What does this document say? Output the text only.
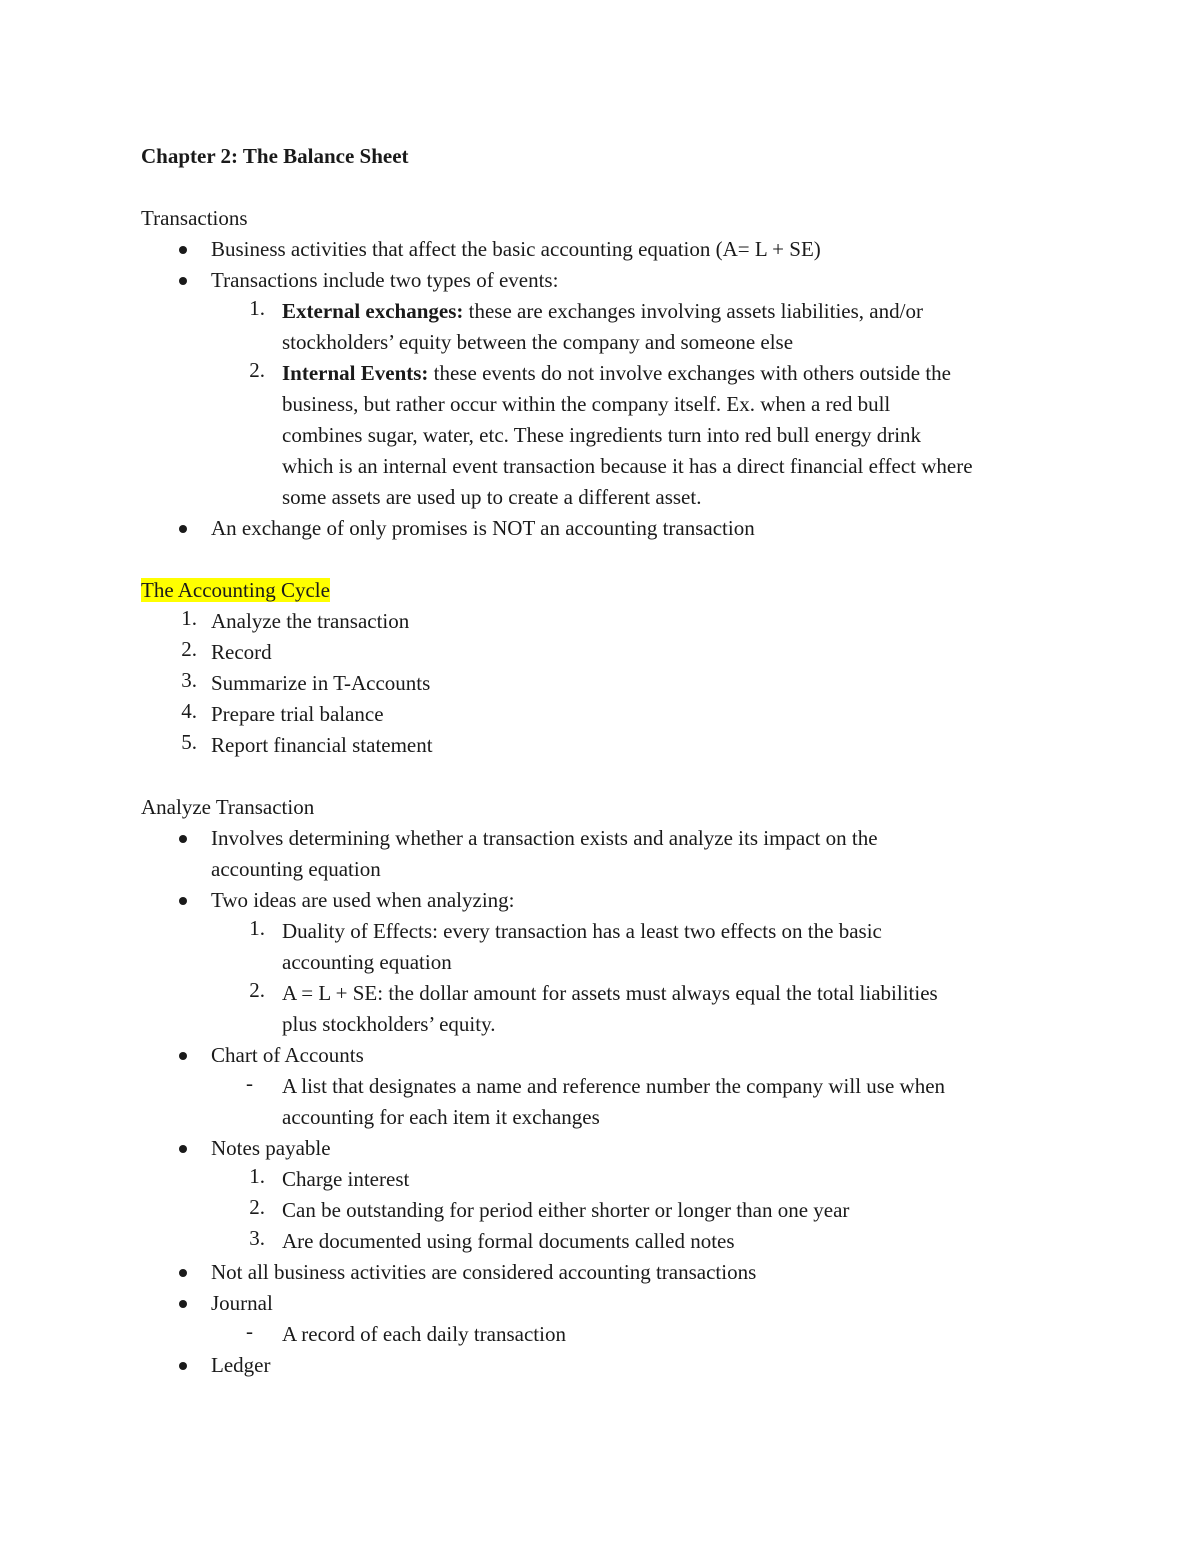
Chapter 2: The Balance Sheet
Transactions
Business activities that affect the basic accounting equation (A= L + SE)
Transactions include two types of events:
1. External exchanges: these are exchanges involving assets liabilities, and/or
stockholders’ equity between the company and someone else
2. Internal Events: these events do not involve exchanges with others outside the
business, but rather occur within the company itself. Ex. when a red bull
combines sugar, water, etc. These ingredients turn into red bull energy drink
which is an internal event transaction because it has a direct financial effect where
some assets are used up to create a different asset.
An exchange of only promises is NOT an accounting transaction
The Accounting Cycle
1. Analyze the transaction
2. Record
3. Summarize in T-Accounts
4. Prepare trial balance
5. Report financial statement
Analyze Transaction
Involves determining whether a transaction exists and analyze its impact on the
accounting equation
Two ideas are used when analyzing:
1. Duality of Effects: every transaction has a least two effects on the basic
accounting equation
2. A = L + SE: the dollar amount for assets must always equal the total liabilities
plus stockholders’ equity.
Chart of Accounts
- A list that designates a name and reference number the company will use when
accounting for each item it exchanges
Notes payable
1. Charge interest
2. Can be outstanding for period either shorter or longer than one year
3. Are documented using formal documents called notes
Not all business activities are considered accounting transactions
Journal
- A record of each daily transaction
Ledger
